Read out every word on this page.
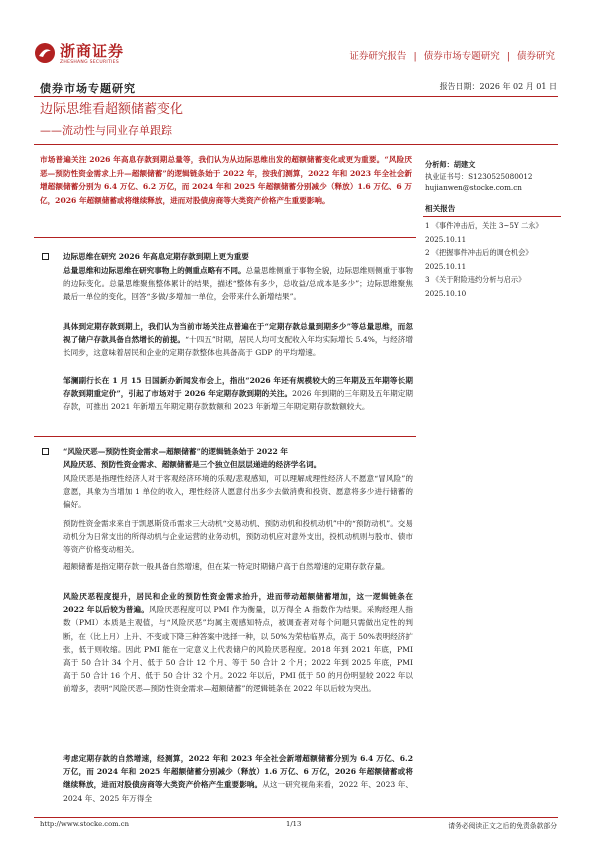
浙商证券
ZHESHANG SECURITIES
证券研究报告 | 债券市场专题研究 | 债券研究
债券市场专题研究	报告日期：2026 年 02 月 01 日
边际思维看超额储蓄变化
——流动性与同业存单跟踪
市场普遍关注 2026 年高息存款到期总量等，我们认为从边际思维出发的超额储蓄变化或更为重要。“风险厌恶—预防性资金需求上升—超额储蓄”的逻辑链条始于 2022 年，按我们测算，2022 年和 2023 年全社会新增超额储蓄分别为 6.4 万亿、6.2 万亿，而 2024 年和 2025 年超额储蓄分别减少（释放）1.6 万亿、6 万亿，2026 年超额储蓄或将继续释放，进而对股债房商等大类资产价格产生重要影响。
分析师：胡建文
执业证书号：S1230525080012
hujianwen@stocke.com.cn
相关报告
1 《事件冲击后，关注 3~5Y 二永》 2025.10.11
2 《把握事件冲击后的调仓机会》 2025.10.11
3 《关于附险违约分析与启示》 2025.10.10
边际思维在研究 2026 年高息定期存款到期上更为重要
总量思维和边际思维在研究事物上的侧重点略有不同。总量思维侧重于事物全貌，边际思维则侧重于事物的边际变化。总量思维聚焦整体累计的结果，描述“整体有多少，总收益/总成本是多少”；边际思维聚焦最后一单位的变化，回答“多做/多增加一单位，会带来什么新增结果”。
具体到定期存款到期上，我们认为当前市场关注点普遍在于“定期存款总量到期多少”等总量思维，而忽视了储户存款具备自然增长的前提。“十四五”时期，居民人均可支配收入年均实际增长 5.4%，与经济增长同步，这意味着居民和企业的定期存款整体也具备高于 GDP 的平均增速。
邹澜副行长在 1 月 15 日国新办新闻发布会上，指出“2026 年还有规模较大的三年期及五年期等长期存款到期重定价”，引起了市场对于 2026 年定期存款到期的关注。2026 年到期的三年期及五年期定期存款，可推出 2021 年新增五年期定期存款数额和 2023 年新增三年期定期存款数额较大。
“风险厌恶—预防性资金需求—超额储蓄”的逻辑链条始于 2022 年
风险厌恶、预防性资金需求、超额储蓄是三个独立但层层递进的经济学名词。
风险厌恶是指理性经济人对于客观经济环境的乐观/悲观感知，可以理解成理性经济人不愿意“冒风险”的意愿，具象为当增加 1 单位的收入，理性经济人愿意付出多少去做消费和投资、愿意将多少进行储蓄的偏好。
预防性资金需求来自于凯恩斯货币需求三大动机“交易动机、预防动机和投机动机”中的“预防动机”。交易动机分为日常支出的所得动机与企业运营的业务动机，预防动机应对意外支出，投机动机则与股市、债市等资产价格变动相关。
超额储蓄是指定期存款一般具备自然增速，但在某一特定时期储户高于自然增速的定期存款存量。
风险厌恶程度提升，居民和企业的预防性资金需求抬升，进而带动超额储蓄增加，这一逻辑链条在 2022 年以后较为普遍。风险厌恶程度可以 PMI 作为衡量，以万得全 A 指数作为结果。采购经理人指数（PMI）本质是主观值，与“风险厌恶”均属主观感知特点，被调查者对每个问题只需做出定性的判断，在（比上月）上升、不变或下降三种答案中选择一种，以 50%为荣枯临界点，高于 50%表明经济扩张，低于则收缩。因此 PMI 能在一定意义上代表储户的风险厌恶程度。2018 年到 2021 年底，PMI 高于 50 合计 34 个月、低于 50 合计 12 个月、等于 50 合计 2 个月；2022 年到 2025 年底，PMI 高于 50 合计 16 个月、低于 50 合计 32 个月。2022 年以后，PMI 低于 50 的月份明显较 2022 年以前增多，表明“风险厌恶—预防性资金需求—超额储蓄”的逻辑链条在 2022 年以后较为突出。
考虑定期存款的自然增速，经测算，2022 年和 2023 年全社会新增超额储蓄分别为 6.4 万亿、6.2 万亿，而 2024 年和 2025 年超额储蓄分别减少（释放）1.6 万亿、6 万亿，2026 年超额储蓄或将继续释放，进而对股债房商等大类资产价格产生重要影响。从这一研究视角来看，2022 年、2023 年、2024 年、2025 年万得全
http://www.stocke.com.cn	1/13	请务必阅读正文之后的免责条款部分
